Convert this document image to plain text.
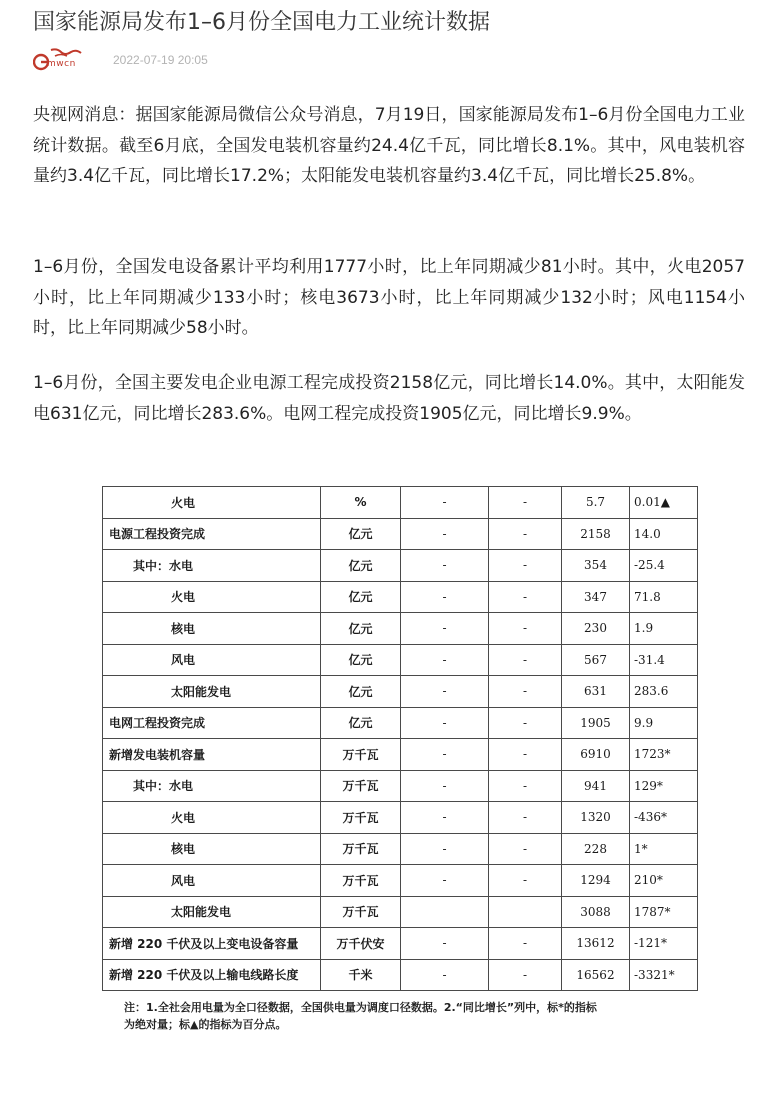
国家能源局发布1–6月份全国电力工业统计数据
mwcn	2022-07-19 20:05

央视网消息：据国家能源局微信公众号消息，7月19日，国家能源局发布1–6月份全国电力工业统计数据。截至6月底，全国发电装机容量约24.4亿千瓦，同比增长8.1%。其中，风电装机容量约3.4亿千瓦，同比增长17.2%；太阳能发电装机容量约3.4亿千瓦，同比增长25.8%。

1–6月份，全国发电设备累计平均利用1777小时，比上年同期减少81小时。其中，火电2057小时，比上年同期减少133小时；核电3673小时，比上年同期减少132小时；风电1154小时，比上年同期减少58小时。

1–6月份，全国主要发电企业电源工程完成投资2158亿元，同比增长14.0%。其中，太阳能发电631亿元，同比增长283.6%。电网工程完成投资1905亿元，同比增长9.9%。

火电	%	-	-	5.7	0.01▲
电源工程投资完成	亿元	-	-	2158	14.0
其中：水电	亿元	-	-	354	-25.4
火电	亿元	-	-	347	71.8
核电	亿元	-	-	230	1.9
风电	亿元	-	-	567	-31.4
太阳能发电	亿元	-	-	631	283.6
电网工程投资完成	亿元	-	-	1905	9.9
新增发电装机容量	万千瓦	-	-	6910	1723*
其中：水电	万千瓦	-	-	941	129*
火电	万千瓦	-	-	1320	-436*
核电	万千瓦	-	-	228	1*
风电	万千瓦	-	-	1294	210*
太阳能发电	万千瓦			3088	1787*
新增 220 千伏及以上变电设备容量	万千伏安	-	-	13612	-121*
新增 220 千伏及以上输电线路长度	千米	-	-	16562	-3321*
注：1.全社会用电量为全口径数据，全国供电量为调度口径数据。2.“同比增长”列中，标*的指标
为绝对量；标▲的指标为百分点。
